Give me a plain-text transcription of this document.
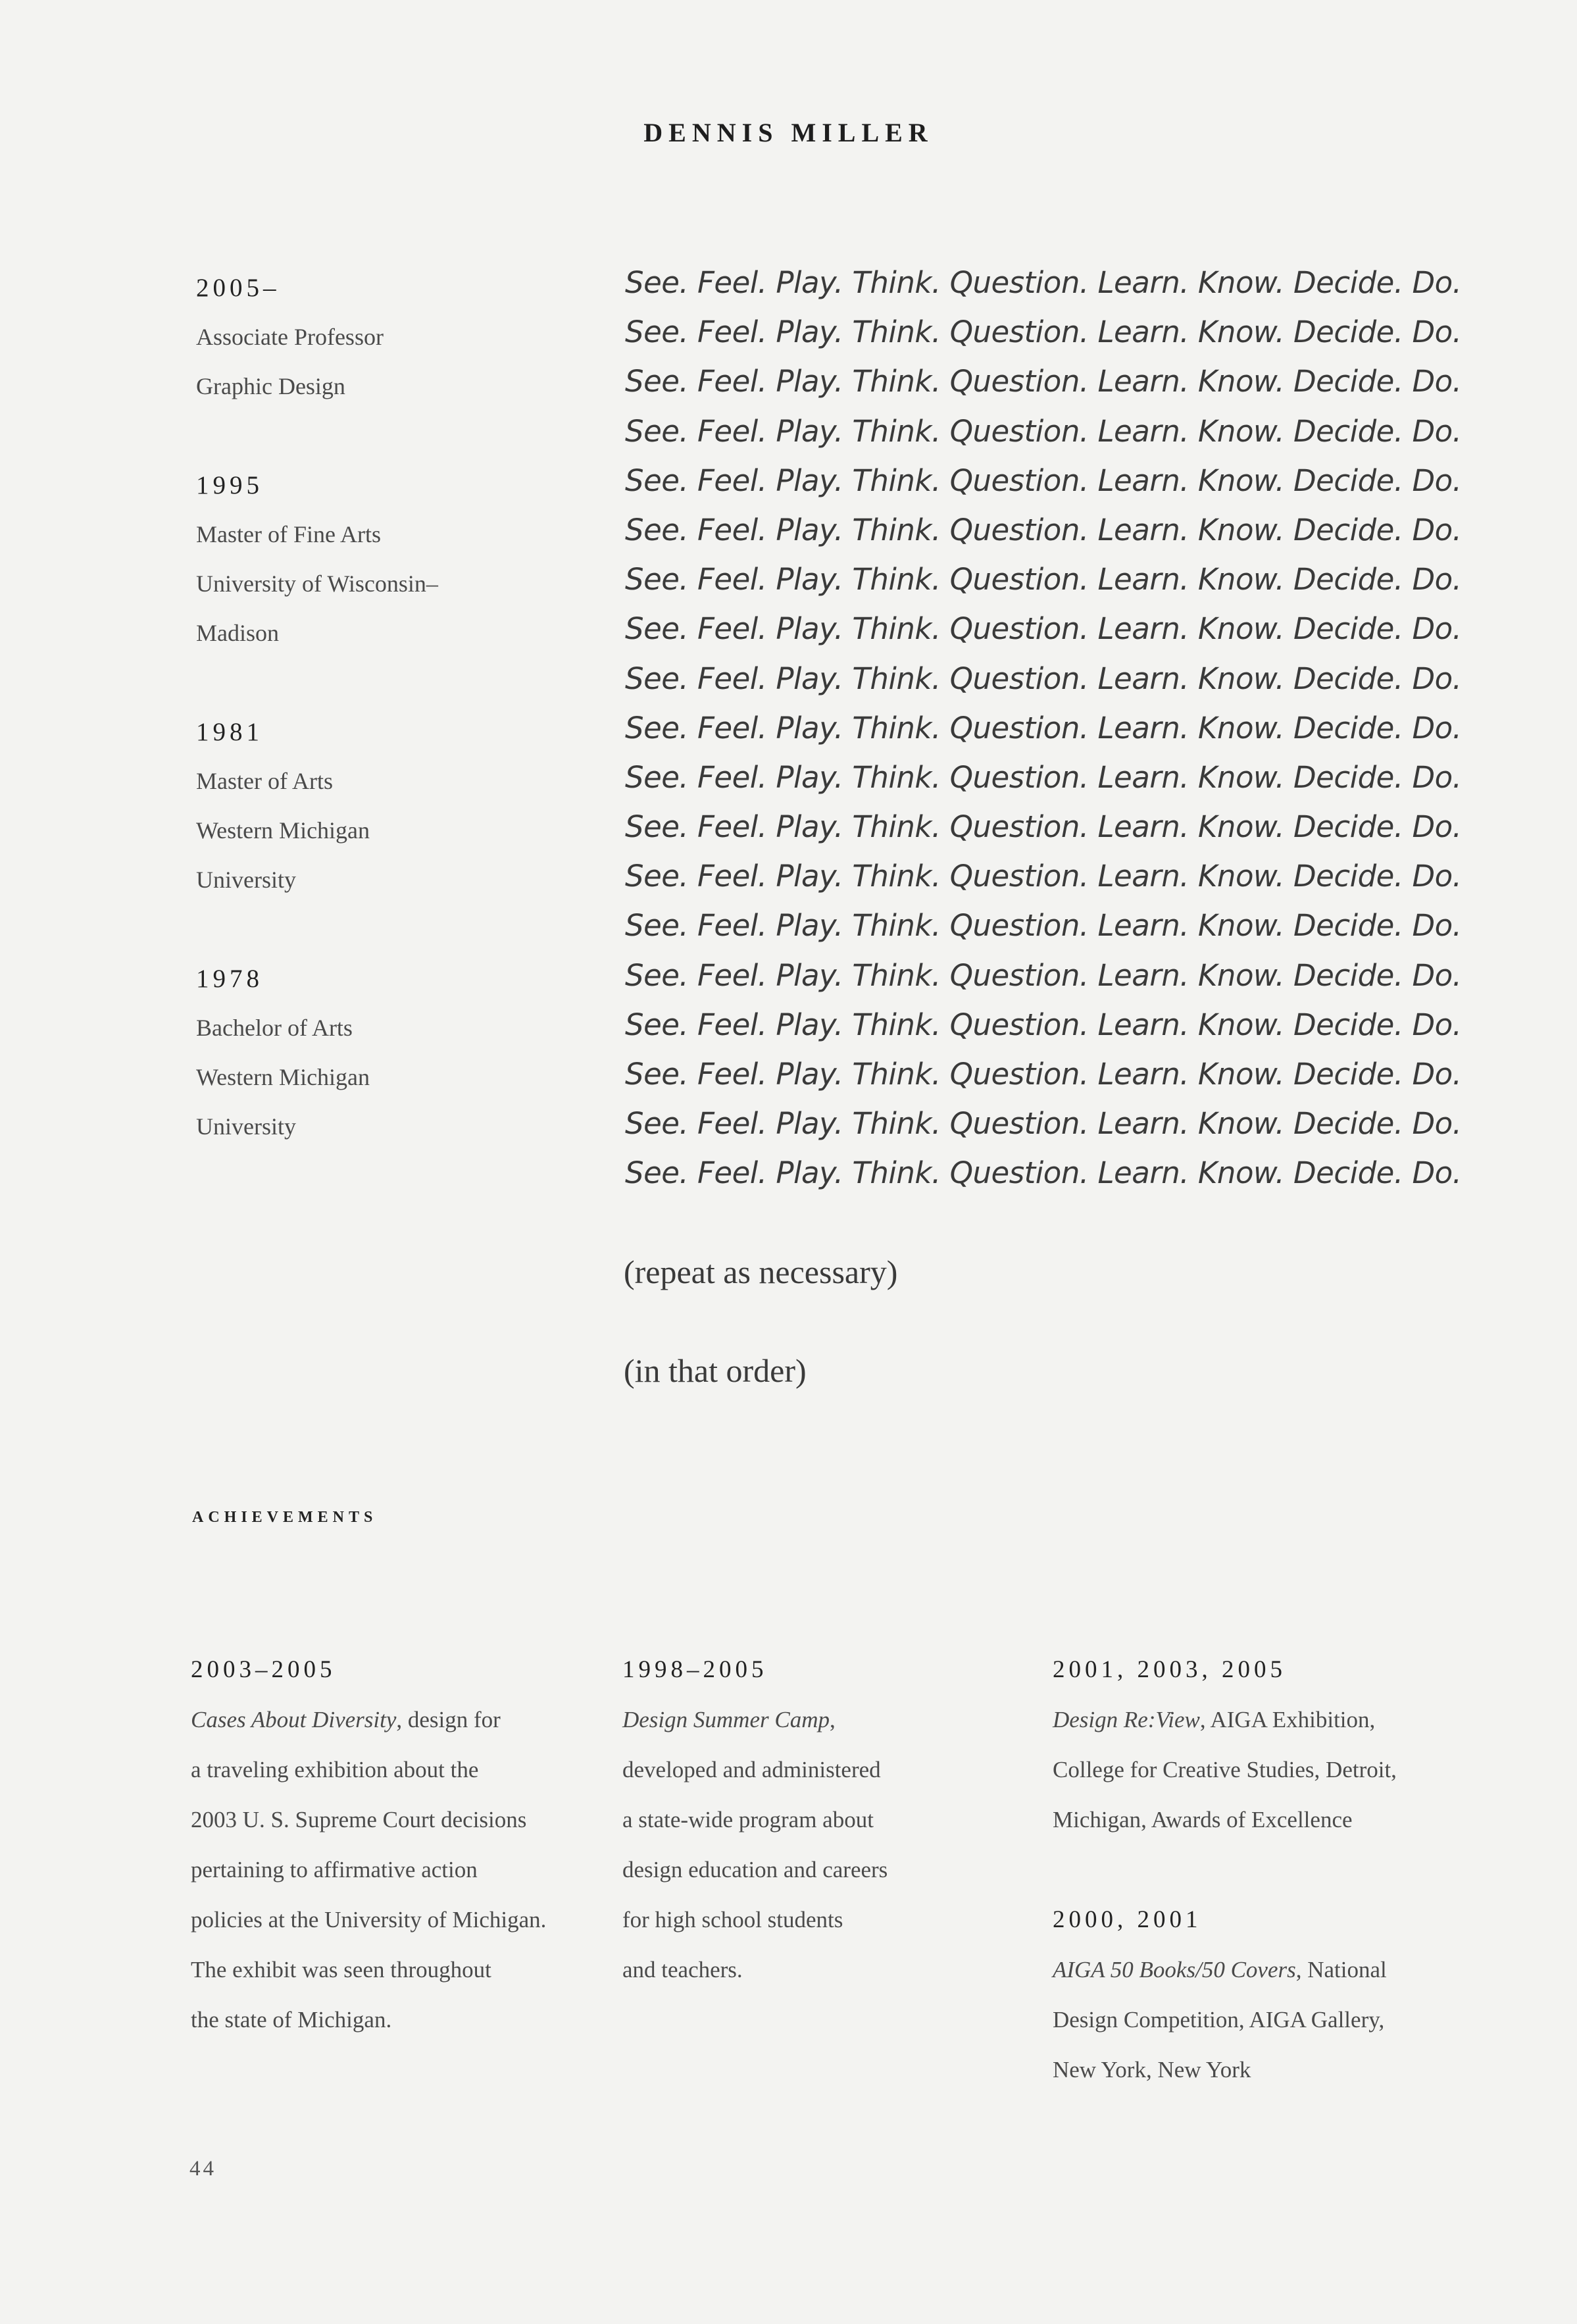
DENNIS MILLER
2005–
Associate Professor
Graphic Design
1995
Master of Fine Arts
University of Wisconsin–
Madison
1981
Master of Arts
Western Michigan
University
1978
Bachelor of Arts
Western Michigan
University
See. Feel. Play. Think. Question. Learn. Know. Decide. Do.
See. Feel. Play. Think. Question. Learn. Know. Decide. Do.
See. Feel. Play. Think. Question. Learn. Know. Decide. Do.
See. Feel. Play. Think. Question. Learn. Know. Decide. Do.
See. Feel. Play. Think. Question. Learn. Know. Decide. Do.
See. Feel. Play. Think. Question. Learn. Know. Decide. Do.
See. Feel. Play. Think. Question. Learn. Know. Decide. Do.
See. Feel. Play. Think. Question. Learn. Know. Decide. Do.
See. Feel. Play. Think. Question. Learn. Know. Decide. Do.
See. Feel. Play. Think. Question. Learn. Know. Decide. Do.
See. Feel. Play. Think. Question. Learn. Know. Decide. Do.
See. Feel. Play. Think. Question. Learn. Know. Decide. Do.
See. Feel. Play. Think. Question. Learn. Know. Decide. Do.
See. Feel. Play. Think. Question. Learn. Know. Decide. Do.
See. Feel. Play. Think. Question. Learn. Know. Decide. Do.
See. Feel. Play. Think. Question. Learn. Know. Decide. Do.
See. Feel. Play. Think. Question. Learn. Know. Decide. Do.
See. Feel. Play. Think. Question. Learn. Know. Decide. Do.
See. Feel. Play. Think. Question. Learn. Know. Decide. Do.
(repeat as necessary)
(in that order)
ACHIEVEMENTS
2003–2005
Cases About Diversity, design for
a traveling exhibition about the
2003 U. S. Supreme Court decisions
pertaining to affirmative action
policies at the University of Michigan.
The exhibit was seen throughout
the state of Michigan.
1998–2005
Design Summer Camp,
developed and administered
a state-wide program about
design education and careers
for high school students
and teachers.
2001, 2003, 2005
Design Re:View, AIGA Exhibition,
College for Creative Studies, Detroit,
Michigan, Awards of Excellence
2000, 2001
AIGA 50 Books/50 Covers, National
Design Competition, AIGA Gallery,
New York, New York
44
